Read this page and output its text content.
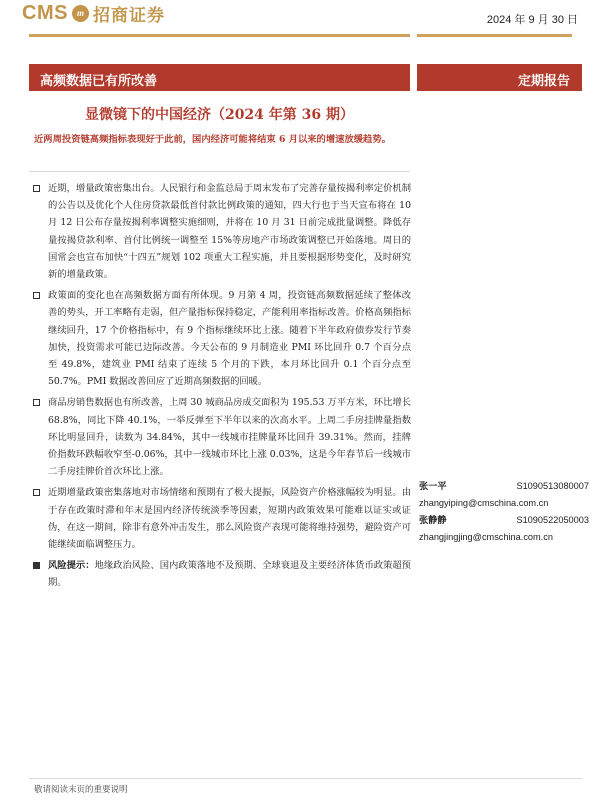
CMS m 招商证券	2024 年 9 月 30 日
高频数据已有所改善	定期报告
显微镜下的中国经济（2024 年第 36 期）
近两周投资链高频指标表现好于此前，国内经济可能将结束 6 月以来的增速放缓趋势。
近期，增量政策密集出台。人民银行和金监总局于周末发布了完善存量按揭利率定价机制的公告以及优化个人住房贷款最低首付款比例政策的通知，四大行也于当天宣布将在 10 月 12 日公布存量按揭利率调整实施细则，并将在 10 月 31 日前完成批量调整。降低存量按揭贷款利率、首付比例统一调整至 15%等房地产市场政策调整已开始落地。周日的国常会也宣布加快“十四五”规划 102 项重大工程实施，并且要根据形势变化，及时研究新的增量政策。
政策面的变化也在高频数据方面有所体现。9 月第 4 周，投资链高频数据延续了整体改善的势头，开工率略有走弱，但产量指标保持稳定，产能利用率指标改善。价格高频指标继续回升，17 个价格指标中，有 9 个指标继续环比上涨。随着下半年政府债券发行节奏加快，投资需求可能已边际改善。今天公布的 9 月制造业 PMI 环比回升 0.7 个百分点至 49.8%，建筑业 PMI 结束了连续 5 个月的下跌，本月环比回升 0.1 个百分点至 50.7%。PMI 数据改善回应了近期高频数据的回暖。
商品房销售数据也有所改善，上周 30 城商品房成交面积为 195.53 万平方米，环比增长 68.8%，同比下降 40.1%，一举反弹至下半年以来的次高水平。上周二手房挂牌量指数环比明显回升，读数为 34.84%，其中一线城市挂牌量环比回升 39.31%。然而，挂牌价指数环跌幅收窄至-0.06%，其中一线城市环比上涨 0.03%，这是今年春节后一线城市二手房挂牌价首次环比上涨。
近期增量政策密集落地对市场情绪和预期有了极大提振，风险资产价格涨幅较为明显。由于存在政策时滞和年末是国内经济传统淡季等因素，短期内政策效果可能难以证实或证伪，在这一期间，除非有意外冲击发生，那么风险资产表现可能将维持强势，避险资产可能继续面临调整压力。
风险提示：地缘政治风险、国内政策落地不及预期、全球衰退及主要经济体货币政策超预期。
张一平	S1090513080007
zhangyiping@cmschina.com.cn
张静静	S1090522050003
zhangjingjing@cmschina.com.cn
敬请阅读末页的重要说明
